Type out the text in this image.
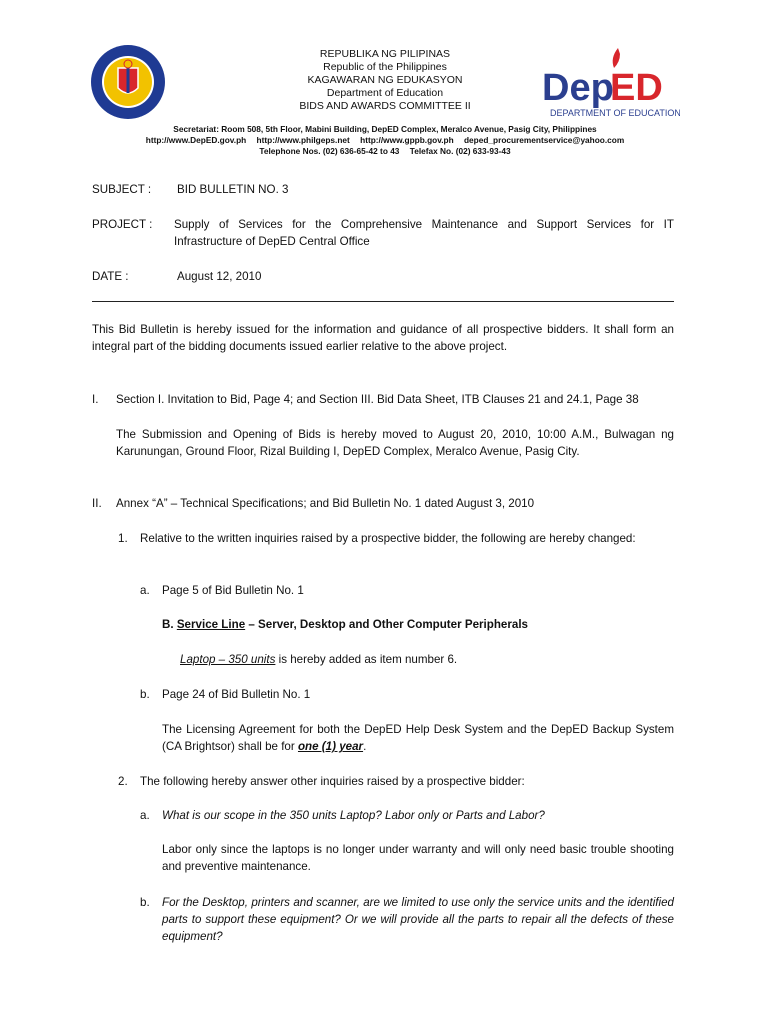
REPUBLIKA NG PILIPINAS
Republic of the Philippines
KAGAWARAN NG EDUKASYON
Department of Education
BIDS AND AWARDS COMMITTEE II	Dep
ED
DEPARTMENT OF EDUCATION
Secretariat: Room 508, 5th Floor, Mabini Building, DepED Complex, Meralco Avenue, Pasig City, Philippines
http://www.DepED.gov.ph http://www.philgeps.net http://www.gppb.gov.ph deped_procurementservice@yahoo.com
Telephone Nos. (02) 636-65-42 to 43 Telefax No. (02) 633-93-43
SUBJECT : BID BULLETIN NO. 3
PROJECT : Supply of Services for the Comprehensive Maintenance and Support Services for IT Infrastructure of DepED Central Office
DATE :	August 12, 2010
This Bid Bulletin is hereby issued for the information and guidance of all prospective bidders. It shall form an integral part of the bidding documents issued earlier relative to the above project.
I. Section I. Invitation to Bid, Page 4; and Section III. Bid Data Sheet, ITB Clauses 21 and 24.1, Page 38
The Submission and Opening of Bids is hereby moved to August 20, 2010, 10:00 A.M., Bulwagan ng Karunungan, Ground Floor, Rizal Building I, DepED Complex, Meralco Avenue, Pasig City.
II. Annex “A” – Technical Specifications; and Bid Bulletin No. 1 dated August 3, 2010
1. Relative to the written inquiries raised by a prospective bidder, the following are hereby changed:
a. Page 5 of Bid Bulletin No. 1
B. Service Line – Server, Desktop and Other Computer Peripherals
Laptop – 350 units is hereby added as item number 6.
b. Page 24 of Bid Bulletin No. 1
The Licensing Agreement for both the DepED Help Desk System and the DepED Backup System (CA Brightsor) shall be for one (1) year.
2. The following hereby answer other inquiries raised by a prospective bidder:
a. What is our scope in the 350 units Laptop? Labor only or Parts and Labor?
Labor only since the laptops is no longer under warranty and will only need basic trouble shooting and preventive maintenance.
b. For the Desktop, printers and scanner, are we limited to use only the service units and the identified parts to support these equipment? Or we will provide all the parts to repair all the defects of these equipment?
